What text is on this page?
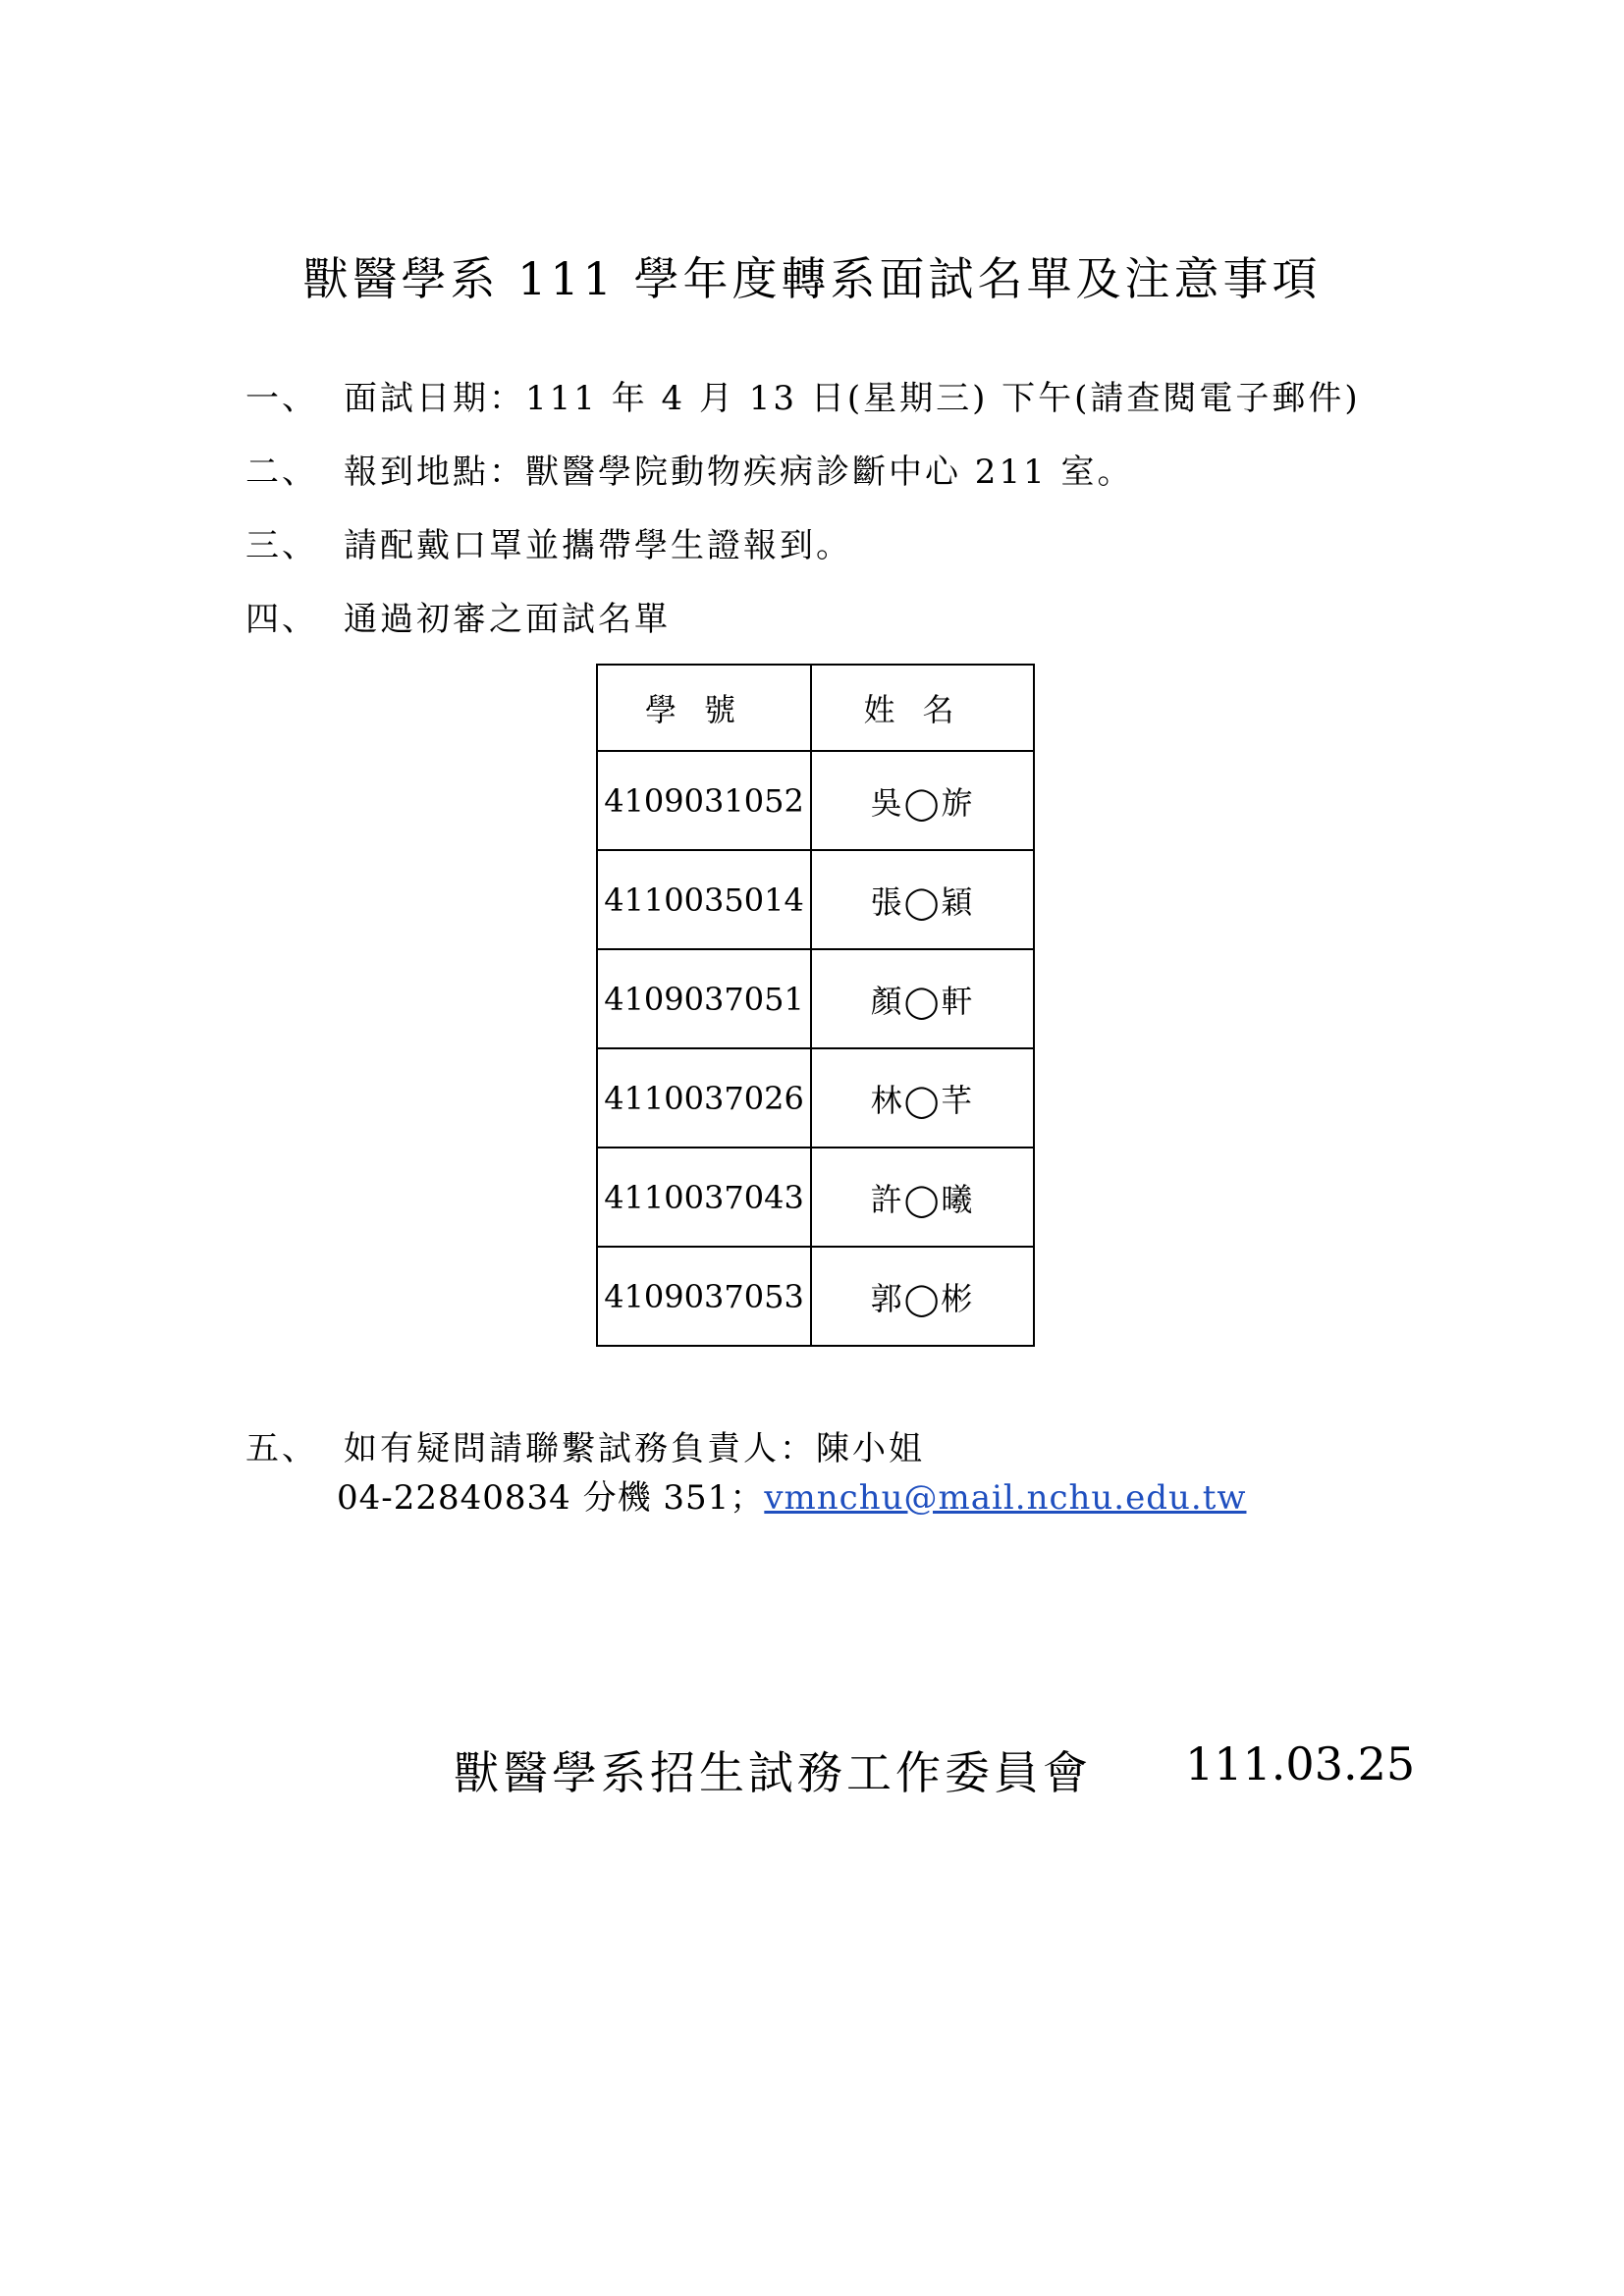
獸醫學系 111 學年度轉系面試名單及注意事項
一、 面試日期：111 年 4 月 13 日(星期三) 下午(請查閱電子郵件)
二、 報到地點：獸醫學院動物疾病診斷中心 211 室。
三、 請配戴口罩並攜帶學生證報到。
四、 通過初審之面試名單
學號	姓名
4109031052	吳◯旂
4110035014	張◯穎
4109037051	顏◯軒
4110037026	林◯芊
4110037043	許◯曦
4109037053	郭◯彬
五、 如有疑問請聯繫試務負責人：陳小姐
04-22840834 分機 351；vmnchu@mail.nchu.edu.tw
獸醫學系招生試務工作委員會 111.03.25
